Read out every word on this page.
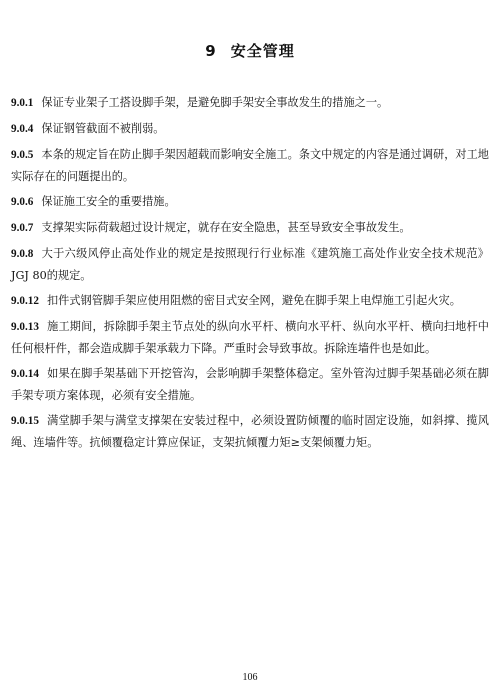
9 安全管理

9.0.1 保证专业架子工搭设脚手架，是避免脚手架安全事故发生的措施之一。

9.0.4 保证钢管截面不被削弱。

9.0.5 本条的规定旨在防止脚手架因超载而影响安全施工。条文中规定的内容是通过调研，对工地实际存在的问题提出的。

9.0.6 保证施工安全的重要措施。

9.0.7 支撑架实际荷载超过设计规定，就存在安全隐患，甚至导致安全事故发生。

9.0.8 大于六级风停止高处作业的规定是按照现行行业标准《建筑施工高处作业安全技术规范》JGJ 80的规定。

9.0.12 扣件式钢管脚手架应使用阻燃的密目式安全网，避免在脚手架上电焊施工引起火灾。

9.0.13 施工期间，拆除脚手架主节点处的纵向水平杆、横向水平杆、纵向水平杆、横向扫地杆中任何根杆件，都会造成脚手架承载力下降。严重时会导致事故。拆除连墙件也是如此。

9.0.14 如果在脚手架基础下开挖管沟，会影响脚手架整体稳定。室外管沟过脚手架基础必须在脚手架专项方案体现，必须有安全措施。

9.0.15 满堂脚手架与满堂支撑架在安装过程中，必须设置防倾覆的临时固定设施，如斜撑、揽风绳、连墙件等。抗倾覆稳定计算应保证，支架抗倾覆力矩≥支架倾覆力矩。

106
